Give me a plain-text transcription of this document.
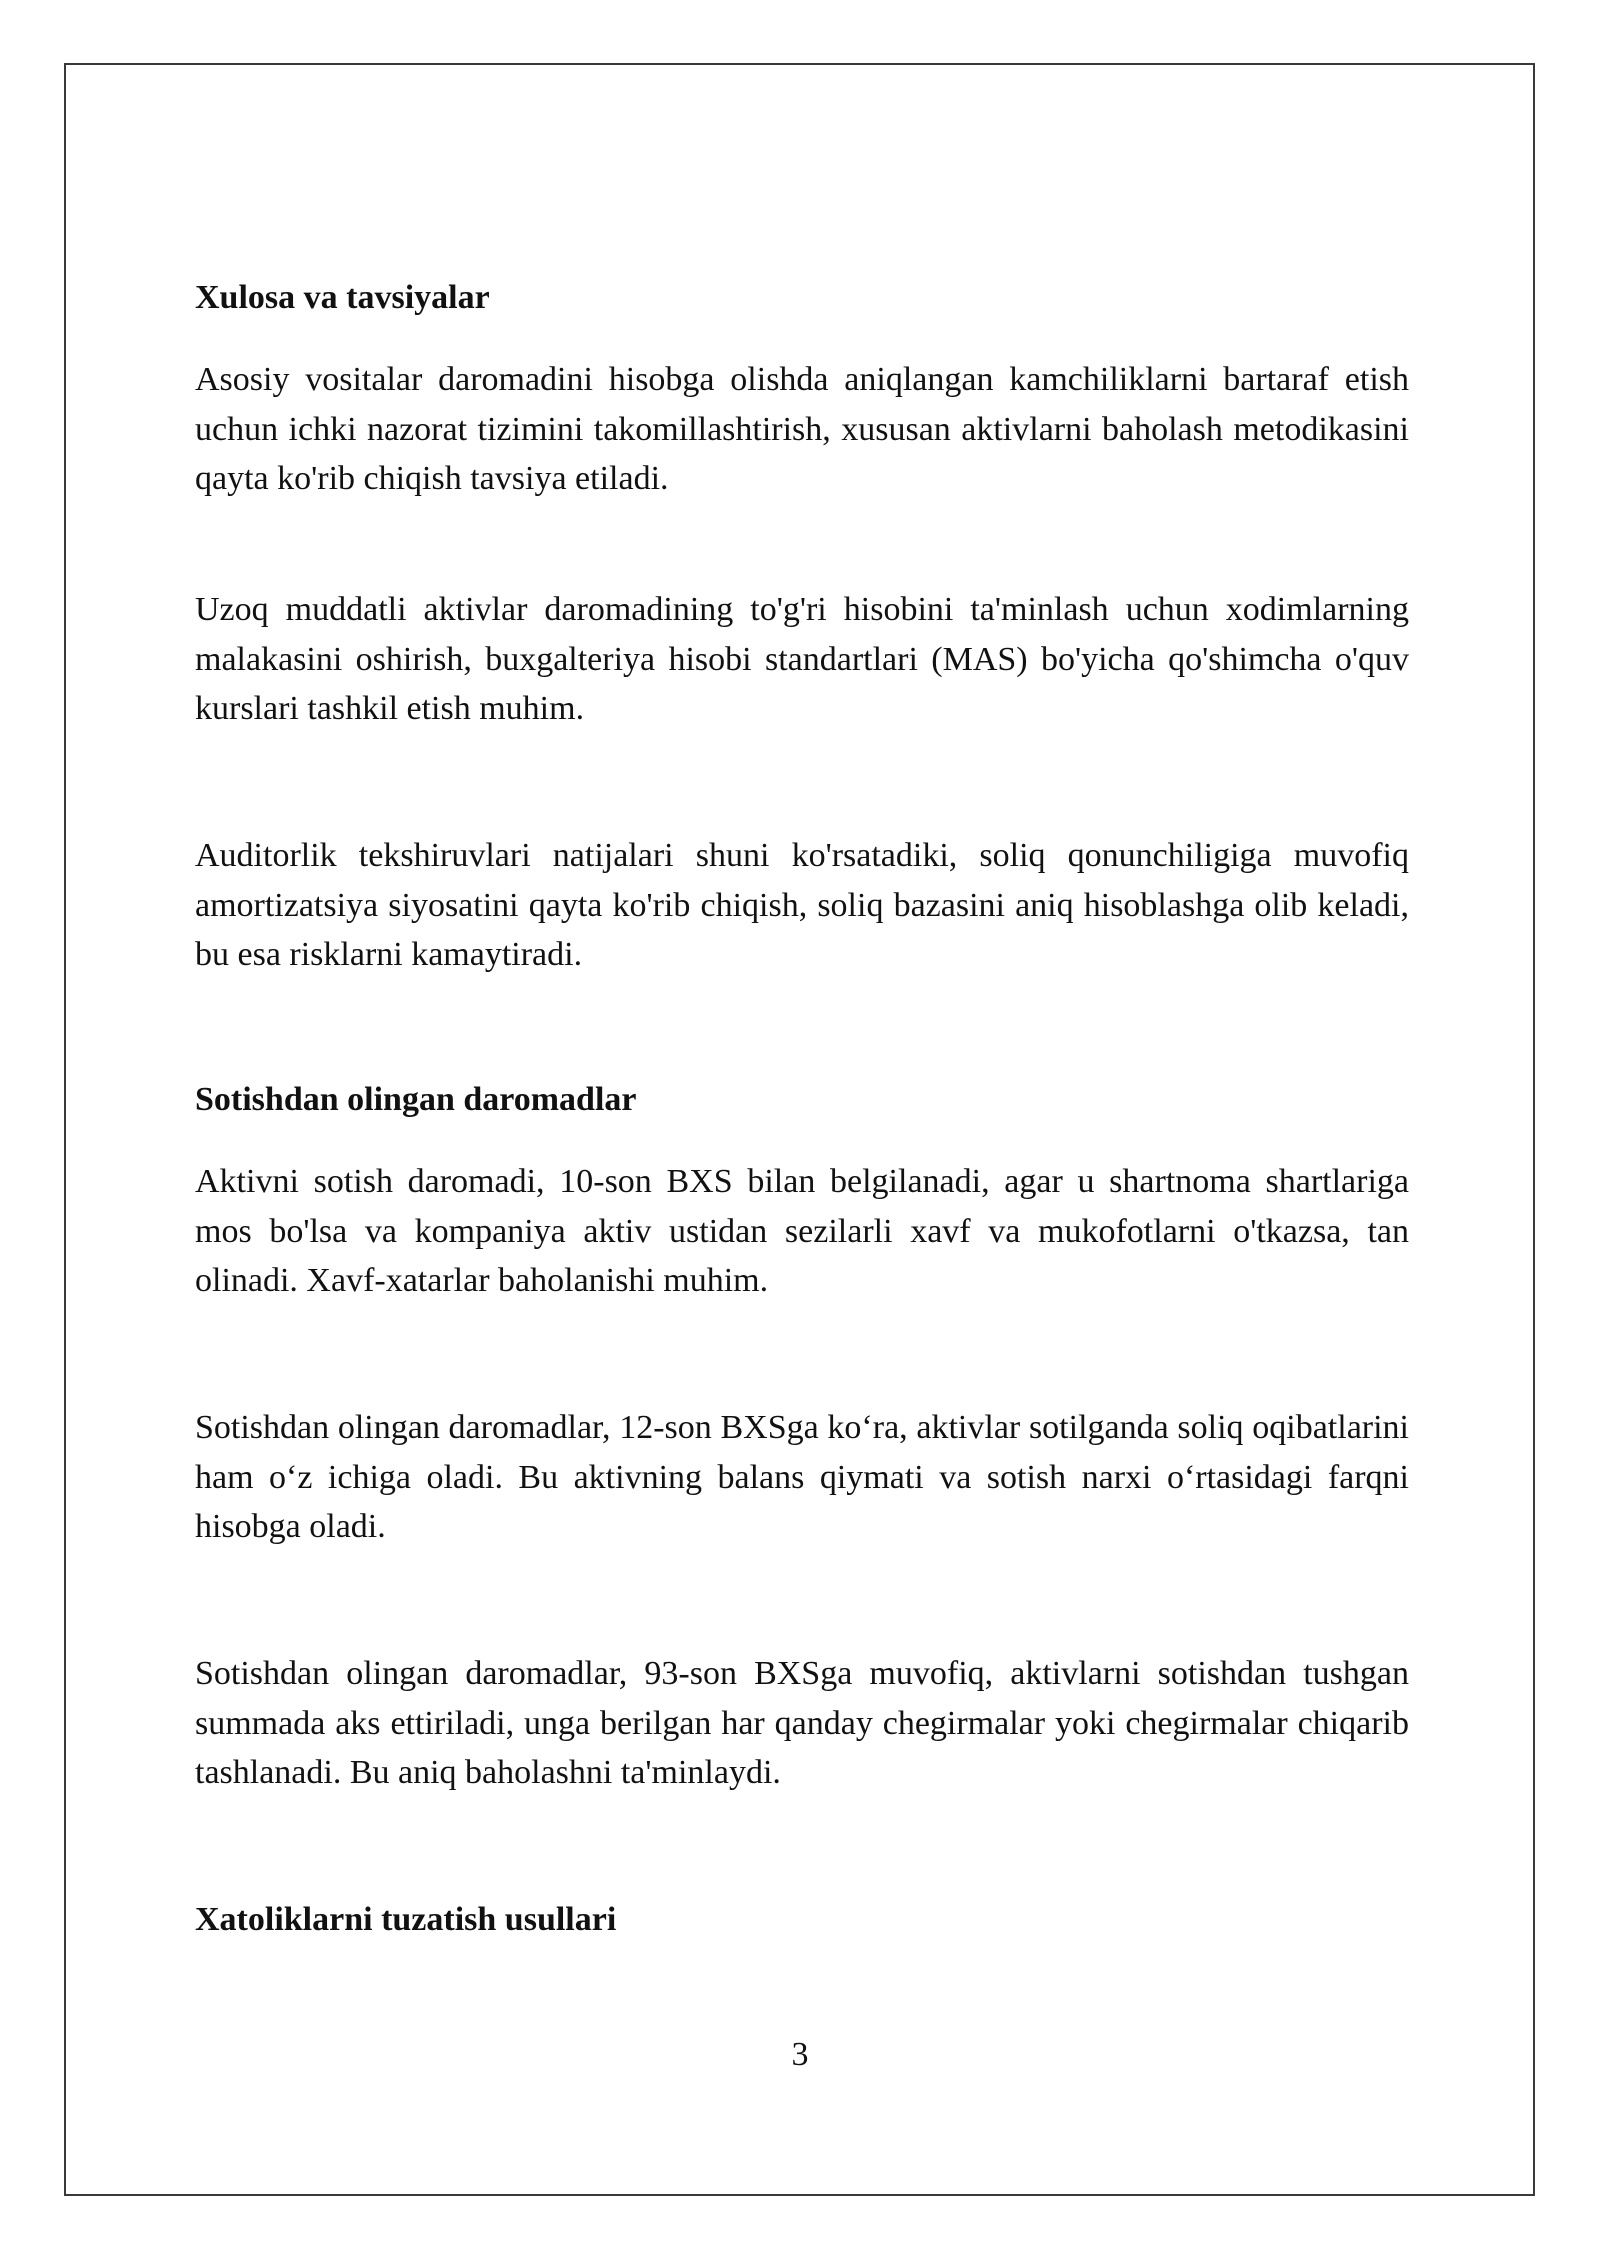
Xulosa va tavsiyalar

Asosiy vositalar daromadini hisobga olishda aniqlangan kamchiliklarni bartaraf etish uchun ichki nazorat tizimini takomillashtirish, xususan aktivlarni baholash metodikasini qayta ko'rib chiqish tavsiya etiladi.

Uzoq muddatli aktivlar daromadining to'g'ri hisobini ta'minlash uchun xodimlarning malakasini oshirish, buxgalteriya hisobi standartlari (MAS) bo'yicha qo'shimcha o'quv kurslari tashkil etish muhim.

Auditorlik tekshiruvlari natijalari shuni ko'rsatadiki, soliq qonunchiligiga muvofiq amortizatsiya siyosatini qayta ko'rib chiqish, soliq bazasini aniq hisoblashga olib keladi, bu esa risklarni kamaytiradi.

Sotishdan olingan daromadlar

Aktivni sotish daromadi, 10-son BXS bilan belgilanadi, agar u shartnoma shartlariga mos bo'lsa va kompaniya aktiv ustidan sezilarli xavf va mukofotlarni o'tkazsa, tan olinadi. Xavf-xatarlar baholanishi muhim.

Sotishdan olingan daromadlar, 12-son BXSga ko‘ra, aktivlar sotilganda soliq oqibatlarini ham o‘z ichiga oladi. Bu aktivning balans qiymati va sotish narxi o‘rtasidagi farqni hisobga oladi.

Sotishdan olingan daromadlar, 93-son BXSga muvofiq, aktivlarni sotishdan tushgan summada aks ettiriladi, unga berilgan har qanday chegirmalar yoki chegirmalar chiqarib tashlanadi. Bu aniq baholashni ta'minlaydi.

Xatoliklarni tuzatish usullari

3
